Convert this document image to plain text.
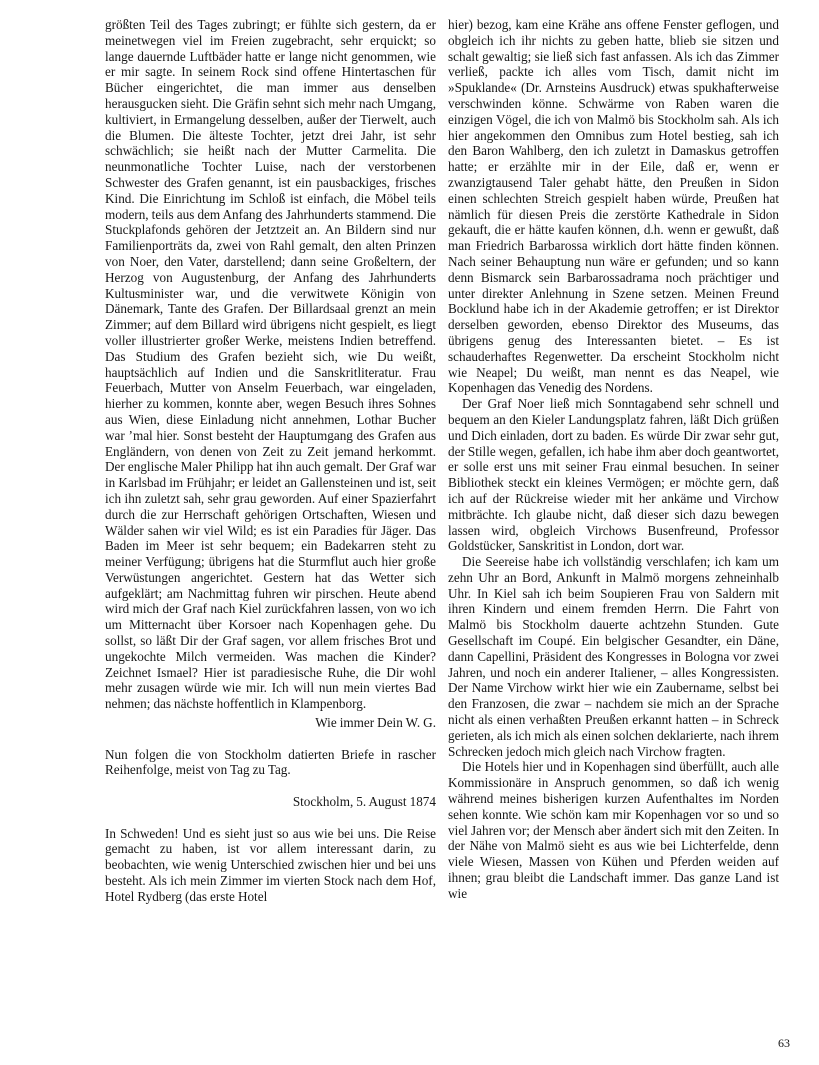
größten Teil des Tages zubringt; er fühlte sich gestern, da er meinetwegen viel im Freien zugebracht, sehr erquickt; so lange dauernde Luftbäder hatte er lange nicht genommen, wie er mir sagte. In seinem Rock sind offene Hintertaschen für Bücher eingerichtet, die man immer aus denselben herausgucken sieht. Die Gräfin sehnt sich mehr nach Umgang, kultiviert, in Ermangelung desselben, außer der Tierwelt, auch die Blumen. Die älteste Tochter, jetzt drei Jahr, ist sehr schwächlich; sie heißt nach der Mutter Carmelita. Die neunmonatliche Tochter Luise, nach der verstorbenen Schwester des Grafen genannt, ist ein pausbackiges, frisches Kind. Die Einrichtung im Schloß ist einfach, die Möbel teils modern, teils aus dem Anfang des Jahrhunderts stammend. Die Stuckplafonds gehören der Jetztzeit an. An Bildern sind nur Familienporträts da, zwei von Rahl gemalt, den alten Prinzen von Noer, den Vater, darstellend; dann seine Großeltern, der Herzog von Augustenburg, der Anfang des Jahrhunderts Kultusminister war, und die verwitwete Königin von Dänemark, Tante des Grafen. Der Billardsaal grenzt an mein Zimmer; auf dem Billard wird übrigens nicht gespielt, es liegt voller illustrierter großer Werke, meistens Indien betreffend. Das Studium des Grafen bezieht sich, wie Du weißt, hauptsächlich auf Indien und die Sanskritliteratur. Frau Feuerbach, Mutter von Anselm Feuerbach, war eingeladen, hierher zu kommen, konnte aber, wegen Besuch ihres Sohnes aus Wien, diese Einladung nicht annehmen, Lothar Bucher war ’mal hier. Sonst besteht der Hauptumgang des Grafen aus Engländern, von denen von Zeit zu Zeit jemand herkommt. Der englische Maler Philipp hat ihn auch gemalt. Der Graf war in Karlsbad im Frühjahr; er leidet an Gallensteinen und ist, seit ich ihn zuletzt sah, sehr grau geworden. Auf einer Spazierfahrt durch die zur Herrschaft gehörigen Ortschaften, Wiesen und Wälder sahen wir viel Wild; es ist ein Paradies für Jäger. Das Baden im Meer ist sehr bequem; ein Badekarren steht zu meiner Verfügung; übrigens hat die Sturmflut auch hier große Verwüstungen angerichtet. Gestern hat das Wetter sich aufgeklärt; am Nachmittag fuhren wir pirschen. Heute abend wird mich der Graf nach Kiel zurückfahren lassen, von wo ich um Mitternacht über Korsoer nach Kopenhagen gehe. Du sollst, so läßt Dir der Graf sagen, vor allem frisches Brot und ungekochte Milch vermeiden. Was machen die Kinder? Zeichnet Ismael? Hier ist paradiesische Ruhe, die Dir wohl mehr zusagen würde wie mir. Ich will nun mein viertes Bad nehmen; das nächste hoffentlich in Klampenborg.

Wie immer Dein W. G.

Nun folgen die von Stockholm datierten Briefe in rascher Reihenfolge, meist von Tag zu Tag.

Stockholm, 5. August 1874

In Schweden! Und es sieht just so aus wie bei uns. Die Reise gemacht zu haben, ist vor allem interessant darin, zu beobachten, wie wenig Unterschied zwischen hier und bei uns besteht. Als ich mein Zimmer im vierten Stock nach dem Hof, Hotel Rydberg (das erste Hotel

hier) bezog, kam eine Krähe ans offene Fenster geflogen, und obgleich ich ihr nichts zu geben hatte, blieb sie sitzen und schalt gewaltig; sie ließ sich fast anfassen. Als ich das Zimmer verließ, packte ich alles vom Tisch, damit nicht im »Spuklande« (Dr. Arnsteins Ausdruck) etwas spukhafterweise verschwinden könne. Schwärme von Raben waren die einzigen Vögel, die ich von Malmö bis Stockholm sah. Als ich hier angekommen den Omnibus zum Hotel bestieg, sah ich den Baron Wahlberg, den ich zuletzt in Damaskus getroffen hatte; er erzählte mir in der Eile, daß er, wenn er zwanzigtausend Taler gehabt hätte, den Preußen in Sidon einen schlechten Streich gespielt haben würde, Preußen hat nämlich für diesen Preis die zerstörte Kathedrale in Sidon gekauft, die er hätte kaufen können, d.h. wenn er gewußt, daß man Friedrich Barbarossa wirklich dort hätte finden können. Nach seiner Behauptung nun wäre er gefunden; und so kann denn Bismarck sein Barbarossadrama noch prächtiger und unter direkter Anlehnung in Szene setzen. Meinen Freund Bocklund habe ich in der Akademie getroffen; er ist Direktor derselben geworden, ebenso Direktor des Museums, das übrigens genug des Interessanten bietet. – Es ist schauderhaftes Regenwetter. Da erscheint Stockholm nicht wie Neapel; Du weißt, man nennt es das Neapel, wie Kopenhagen das Venedig des Nordens.

Der Graf Noer ließ mich Sonntagabend sehr schnell und bequem an den Kieler Landungsplatz fahren, läßt Dich grüßen und Dich einladen, dort zu baden. Es würde Dir zwar sehr gut, der Stille wegen, gefallen, ich habe ihm aber doch geantwortet, er solle erst uns mit seiner Frau einmal besuchen. In seiner Bibliothek steckt ein kleines Vermögen; er möchte gern, daß ich auf der Rückreise wieder mit her ankäme und Virchow mitbrächte. Ich glaube nicht, daß dieser sich dazu bewegen lassen wird, obgleich Virchows Busenfreund, Professor Goldstücker, Sanskritist in London, dort war.

Die Seereise habe ich vollständig verschlafen; ich kam um zehn Uhr an Bord, Ankunft in Malmö morgens zehneinhalb Uhr. In Kiel sah ich beim Soupieren Frau von Saldern mit ihren Kindern und einem fremden Herrn. Die Fahrt von Malmö bis Stockholm dauerte achtzehn Stunden. Gute Gesellschaft im Coupé. Ein belgischer Gesandter, ein Däne, dann Capellini, Präsident des Kongresses in Bologna vor zwei Jahren, und noch ein anderer Italiener, – alles Kongressisten. Der Name Virchow wirkt hier wie ein Zaubername, selbst bei den Franzosen, die zwar – nachdem sie mich an der Sprache nicht als einen verhaßten Preußen erkannt hatten – in Schreck gerieten, als ich mich als einen solchen deklarierte, nach ihrem Schrecken jedoch mich gleich nach Virchow fragten.

Die Hotels hier und in Kopenhagen sind überfüllt, auch alle Kommissionäre in Anspruch genommen, so daß ich wenig während meines bisherigen kurzen Aufenthaltes im Norden sehen konnte. Wie schön kam mir Kopenhagen vor so und so viel Jahren vor; der Mensch aber ändert sich mit den Zeiten. In der Nähe von Malmö sieht es aus wie bei Lichterfelde, denn viele Wiesen, Massen von Kühen und Pferden weiden auf ihnen; grau bleibt die Landschaft immer. Das ganze Land ist wie

63
